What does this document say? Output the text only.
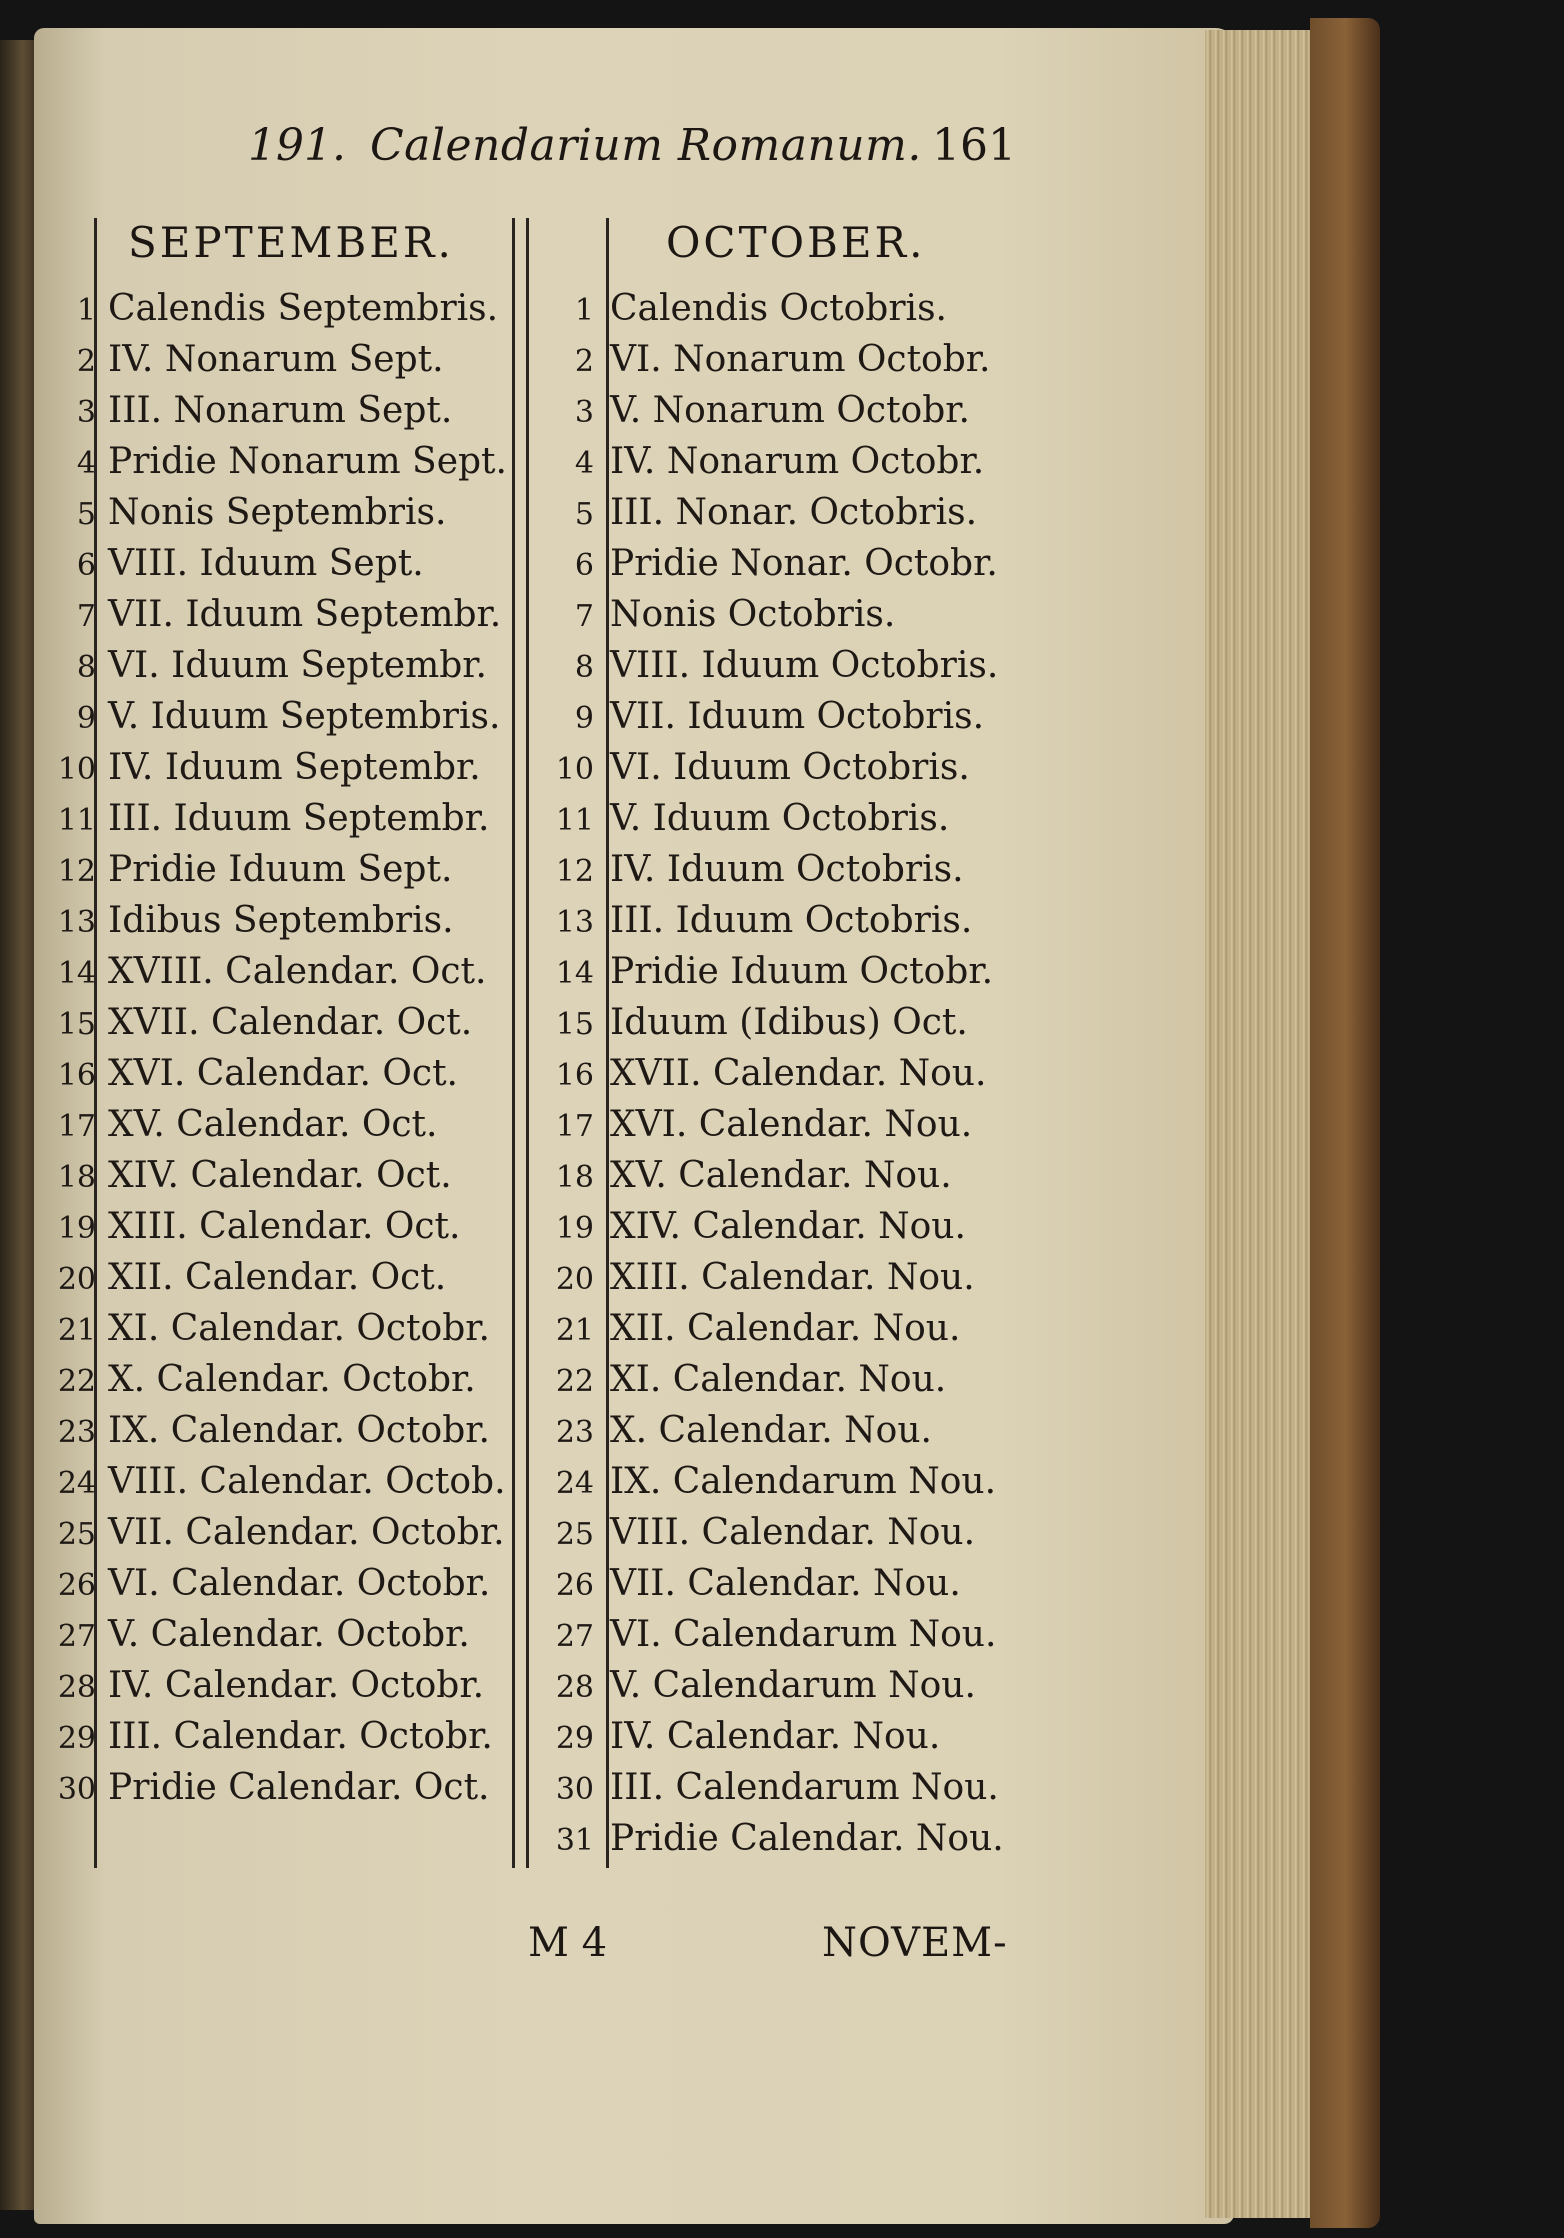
191. Calendarium Romanum. 161
SEPTEMBER.	OCTOBER.
1 Calendis Septembris.
2 IV. Nonarum Sept.
3 III. Nonarum Sept.
4 Pridie Nonarum Sept.
5 Nonis Septembris.
6 VIII. Iduum Sept.
7 VII. Iduum Septembr.
8 VI. Iduum Septembr.
9 V. Iduum Septembris.
10 IV. Iduum Septembr.
11 III. Iduum Septembr.
12 Pridie Iduum Sept.
13 Idibus Septembris.
14 XVIII. Calendar. Oct.
15 XVII. Calendar. Oct.
16 XVI. Calendar. Oct.
17 XV. Calendar. Oct.
18 XIV. Calendar. Oct.
19 XIII. Calendar. Oct.
20 XII. Calendar. Oct.
21 XI. Calendar. Octobr.
22 X. Calendar. Octobr.
23 IX. Calendar. Octobr.
24 VIII. Calendar. Octob.
25 VII. Calendar. Octobr.
26 VI. Calendar. Octobr.
27 V. Calendar. Octobr.
28 IV. Calendar. Octobr.
29 III. Calendar. Octobr.
30 Pridie Calendar. Oct.
1 Calendis Octobris.
2 VI. Nonarum Octobr.
3 V. Nonarum Octobr.
4 IV. Nonarum Octobr.
5 III. Nonar. Octobris.
6 Pridie Nonar. Octobr.
7 Nonis Octobris.
8 VIII. Iduum Octobris.
9 VII. Iduum Octobris.
10 VI. Iduum Octobris.
11 V. Iduum Octobris.
12 IV. Iduum Octobris.
13 III. Iduum Octobris.
14 Pridie Iduum Octobr.
15 Iduum (Idibus) Oct.
16 XVII. Calendar. Nou.
17 XVI. Calendar. Nou.
18 XV. Calendar. Nou.
19 XIV. Calendar. Nou.
20 XIII. Calendar. Nou.
21 XII. Calendar. Nou.
22 XI. Calendar. Nou.
23 X. Calendar. Nou.
24 IX. Calendarum Nou.
25 VIII. Calendar. Nou.
26 VII. Calendar. Nou.
27 VI. Calendarum Nou.
28 V. Calendarum Nou.
29 IV. Calendar. Nou.
30 III. Calendarum Nou.
31 Pridie Calendar. Nou.
M 4	NOVEM-
